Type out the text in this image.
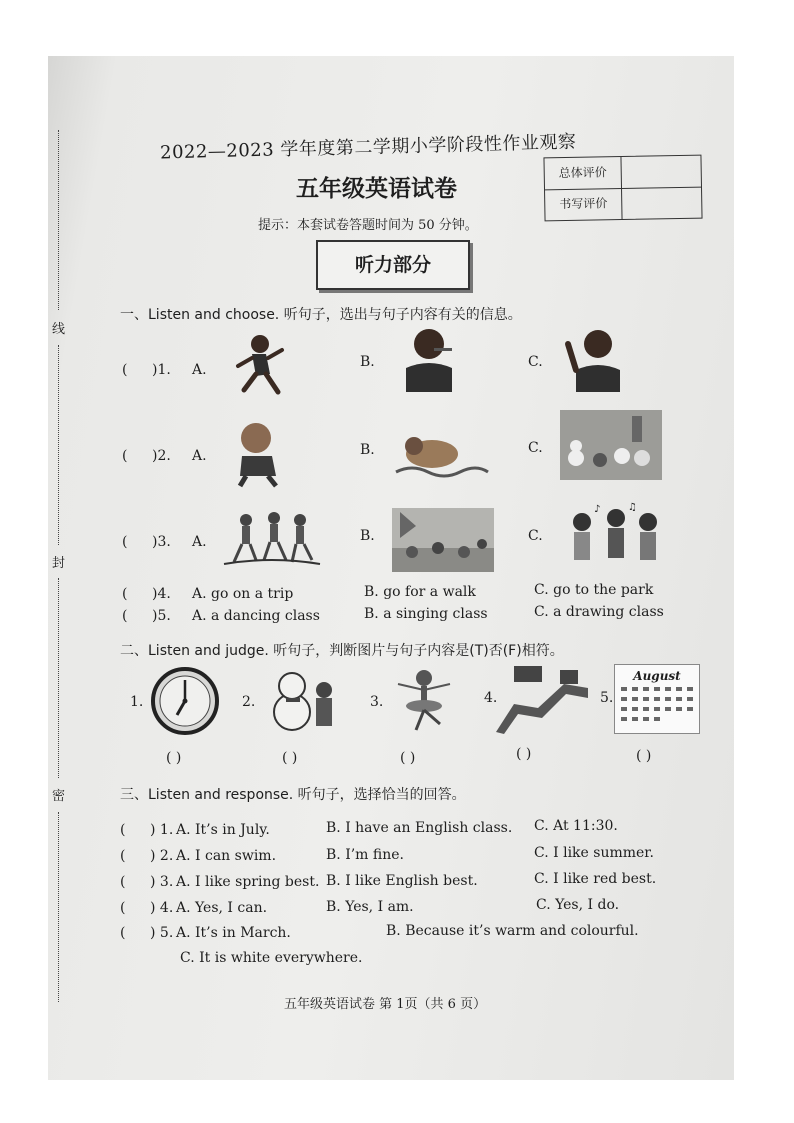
线
封
密
2022—2023 学年度第二学期小学阶段性作业观察
五年级英语试卷
提示：本套试卷答题时间为 50 分钟。
总体评价
书写评价
听力部分
一、Listen and choose. 听句子，选出与句子内容有关的信息。
( )1. A.	B.	C.
( )2. A.	B.	C.
( )3. A.	B.	C.
♪	♫
( )4. A. go on a trip	B. go for a walk	C. go to the park
( )5. A. a dancing class	B. a singing class	C. a drawing class
二、Listen and judge. 听句子，判断图片与句子内容是(T)否(F)相符。
1.	2.	3.	4.	5.
August
( )	( )	( )	( )	( )
三、Listen and response. 听句子，选择恰当的回答。
( ) 1. A. It’s in July.	B. I have an English class. C. At 11:30.
( ) 2. A. I can swim.	B. I’m fine.	C. I like summer.
( ) 3. A. I like spring best. B. I like English best.	C. I like red best.
( ) 4. A. Yes, I can.	B. Yes, I am.	C. Yes, I do.
( ) 5. A. It’s in March.	B. Because it’s warm and colourful.
C. It is white everywhere.
五年级英语试卷 第 1页（共 6 页）
